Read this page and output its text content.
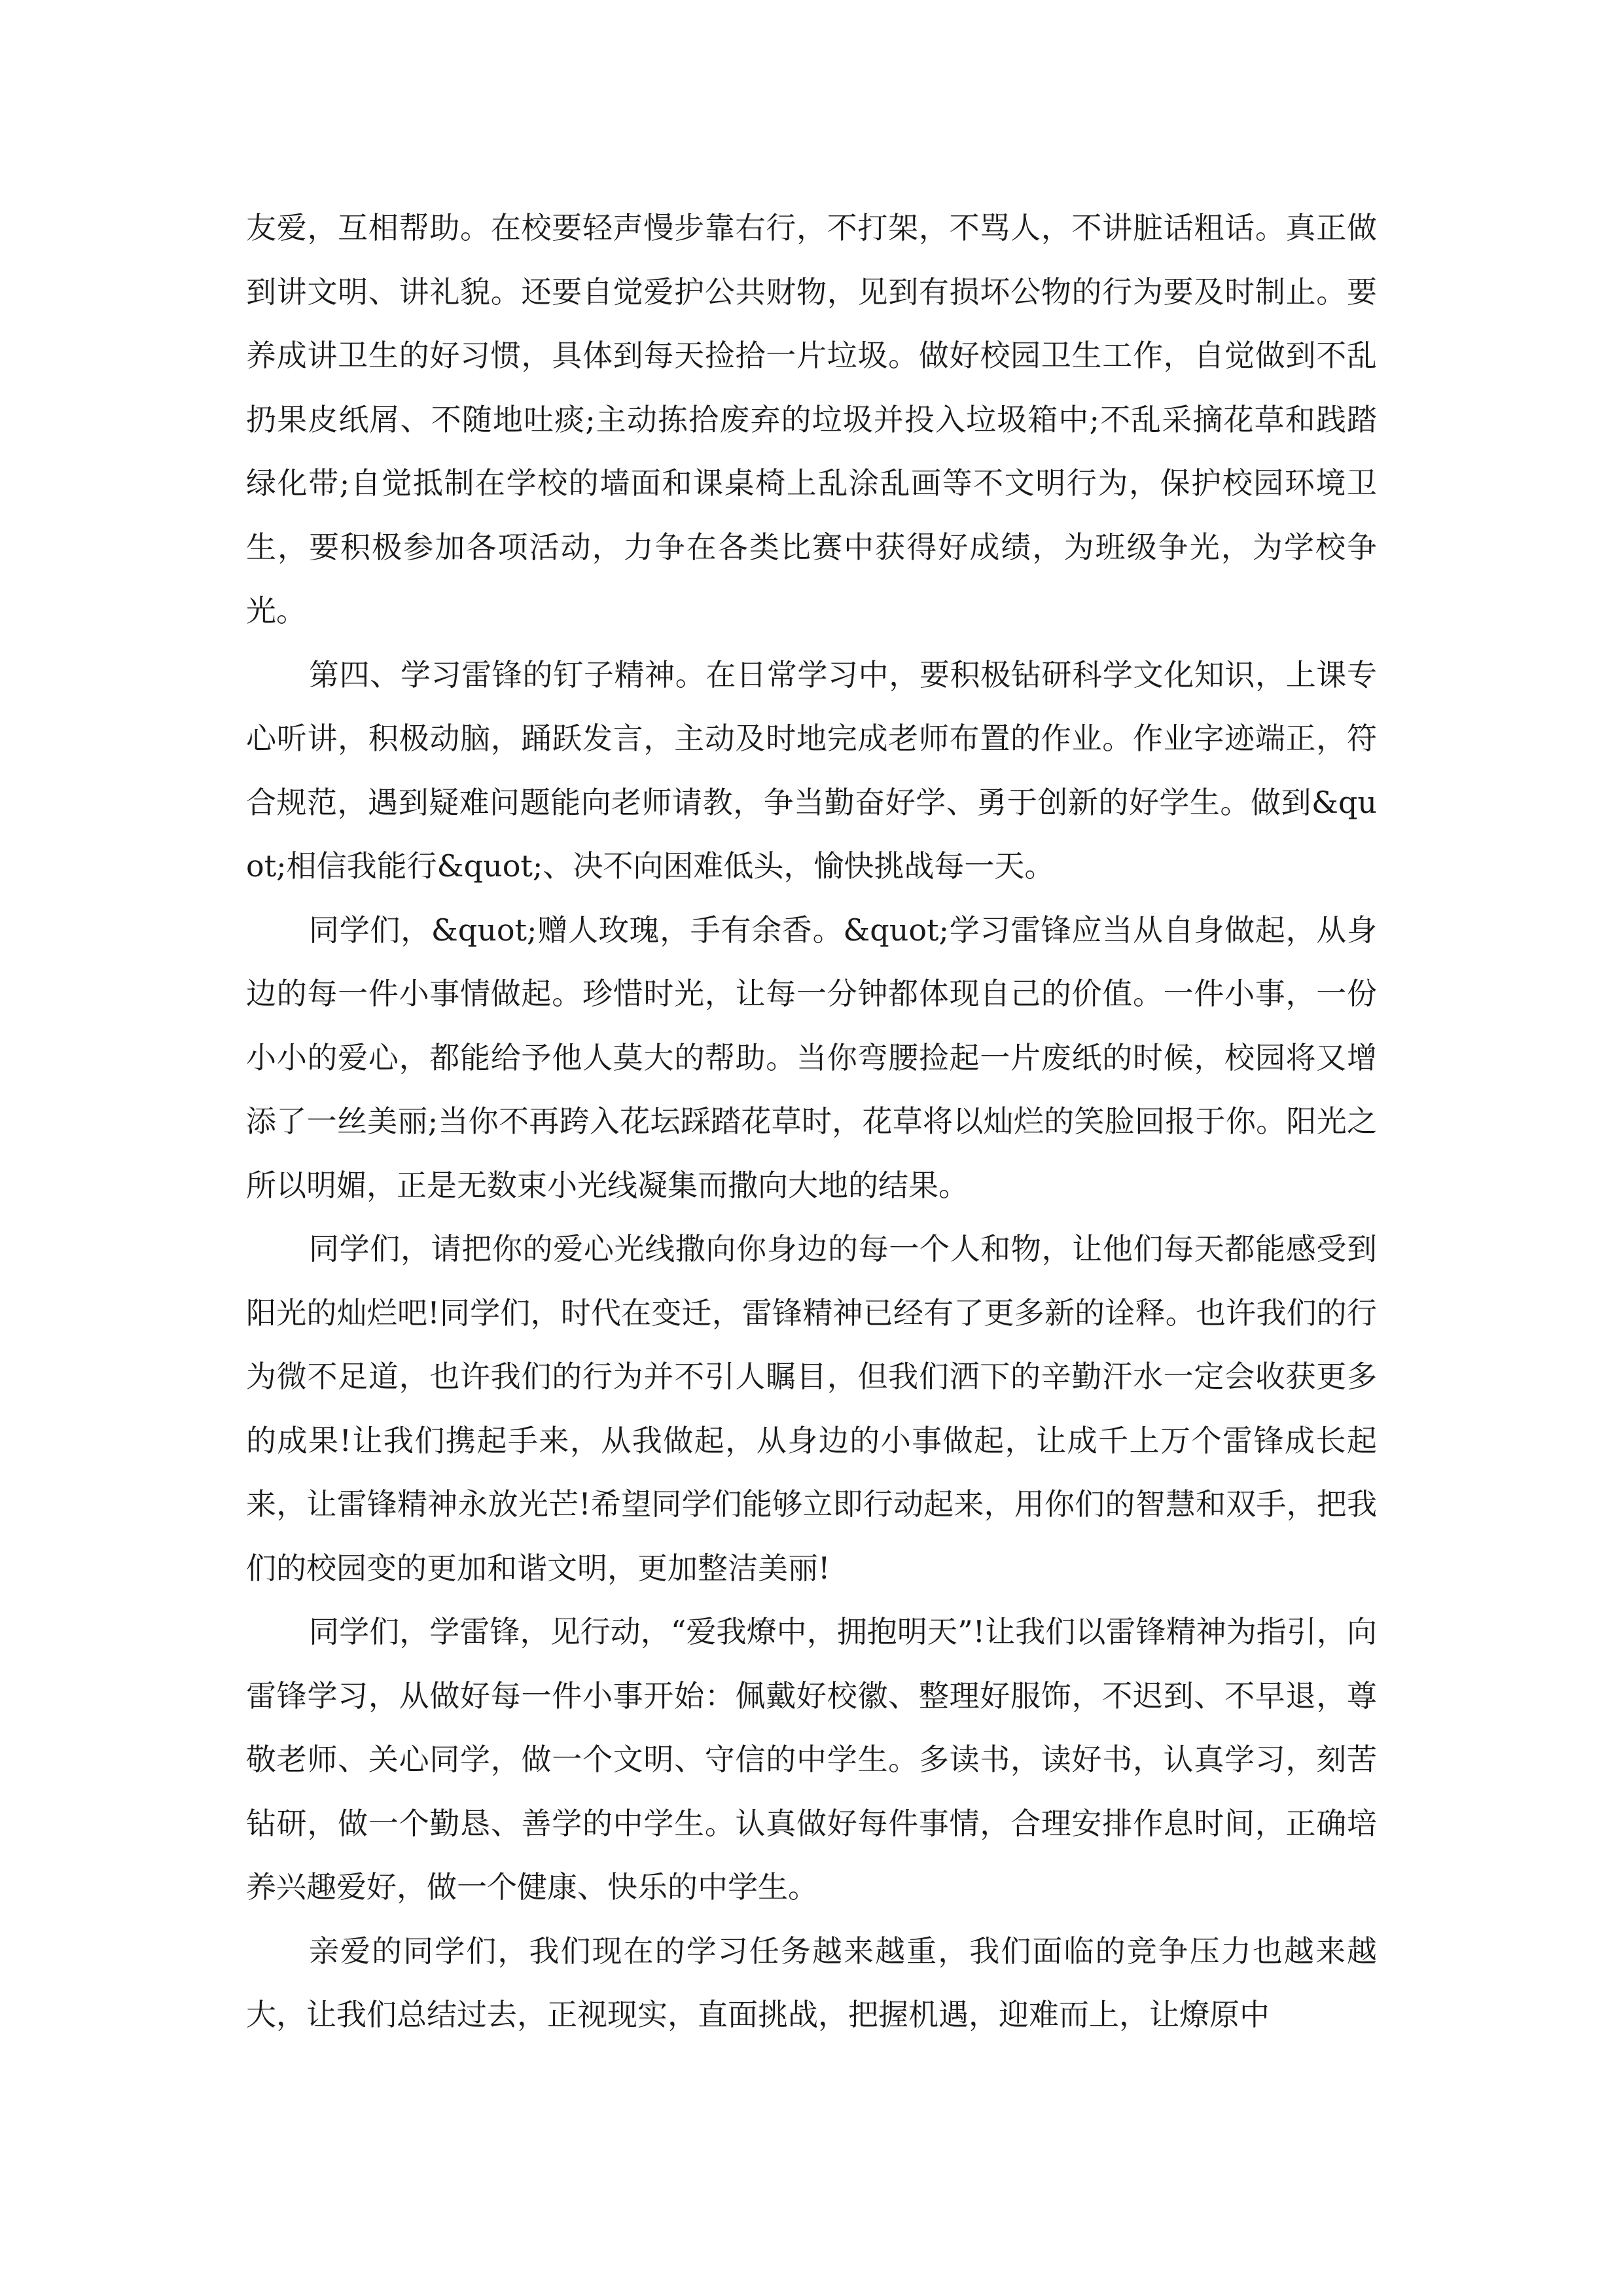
友爱，互相帮助。在校要轻声慢步靠右行，不打架，不骂人，不讲脏话粗话。真正做到讲文明、讲礼貌。还要自觉爱护公共财物，见到有损坏公物的行为要及时制止。要养成讲卫生的好习惯，具体到每天捡拾一片垃圾。做好校园卫生工作，自觉做到不乱扔果皮纸屑、不随地吐痰;主动拣拾废弃的垃圾并投入垃圾箱中;不乱采摘花草和践踏绿化带;自觉抵制在学校的墙面和课桌椅上乱涂乱画等不文明行为，保护校园环境卫生，要积极参加各项活动，力争在各类比赛中获得好成绩，为班级争光，为学校争光。

第四、学习雷锋的钉子精神。在日常学习中，要积极钻研科学文化知识，上课专心听讲，积极动脑，踊跃发言，主动及时地完成老师布置的作业。作业字迹端正，符合规范，遇到疑难问题能向老师请教，争当勤奋好学、勇于创新的好学生。做到&quot;相信我能行&quot;、决不向困难低头，愉快挑战每一天。

同学们，&quot;赠人玫瑰，手有余香。&quot;学习雷锋应当从自身做起，从身边的每一件小事情做起。珍惜时光，让每一分钟都体现自己的价值。一件小事，一份小小的爱心，都能给予他人莫大的帮助。当你弯腰捡起一片废纸的时候，校园将又增添了一丝美丽;当你不再跨入花坛踩踏花草时，花草将以灿烂的笑脸回报于你。阳光之所以明媚，正是无数束小光线凝集而撒向大地的结果。

同学们，请把你的爱心光线撒向你身边的每一个人和物，让他们每天都能感受到阳光的灿烂吧!同学们，时代在变迁，雷锋精神已经有了更多新的诠释。也许我们的行为微不足道，也许我们的行为并不引人瞩目，但我们洒下的辛勤汗水一定会收获更多的成果!让我们携起手来，从我做起，从身边的小事做起，让成千上万个雷锋成长起来，让雷锋精神永放光芒!希望同学们能够立即行动起来，用你们的智慧和双手，把我们的校园变的更加和谐文明，更加整洁美丽!

同学们，学雷锋，见行动，“爱我燎中，拥抱明天”!让我们以雷锋精神为指引，向雷锋学习，从做好每一件小事开始：佩戴好校徽、整理好服饰，不迟到、不早退，尊敬老师、关心同学，做一个文明、守信的中学生。多读书，读好书，认真学习，刻苦钻研，做一个勤恳、善学的中学生。认真做好每件事情，合理安排作息时间，正确培养兴趣爱好，做一个健康、快乐的中学生。

亲爱的同学们，我们现在的学习任务越来越重，我们面临的竞争压力也越来越大，让我们总结过去，正视现实，直面挑战，把握机遇，迎难而上，让燎原中
